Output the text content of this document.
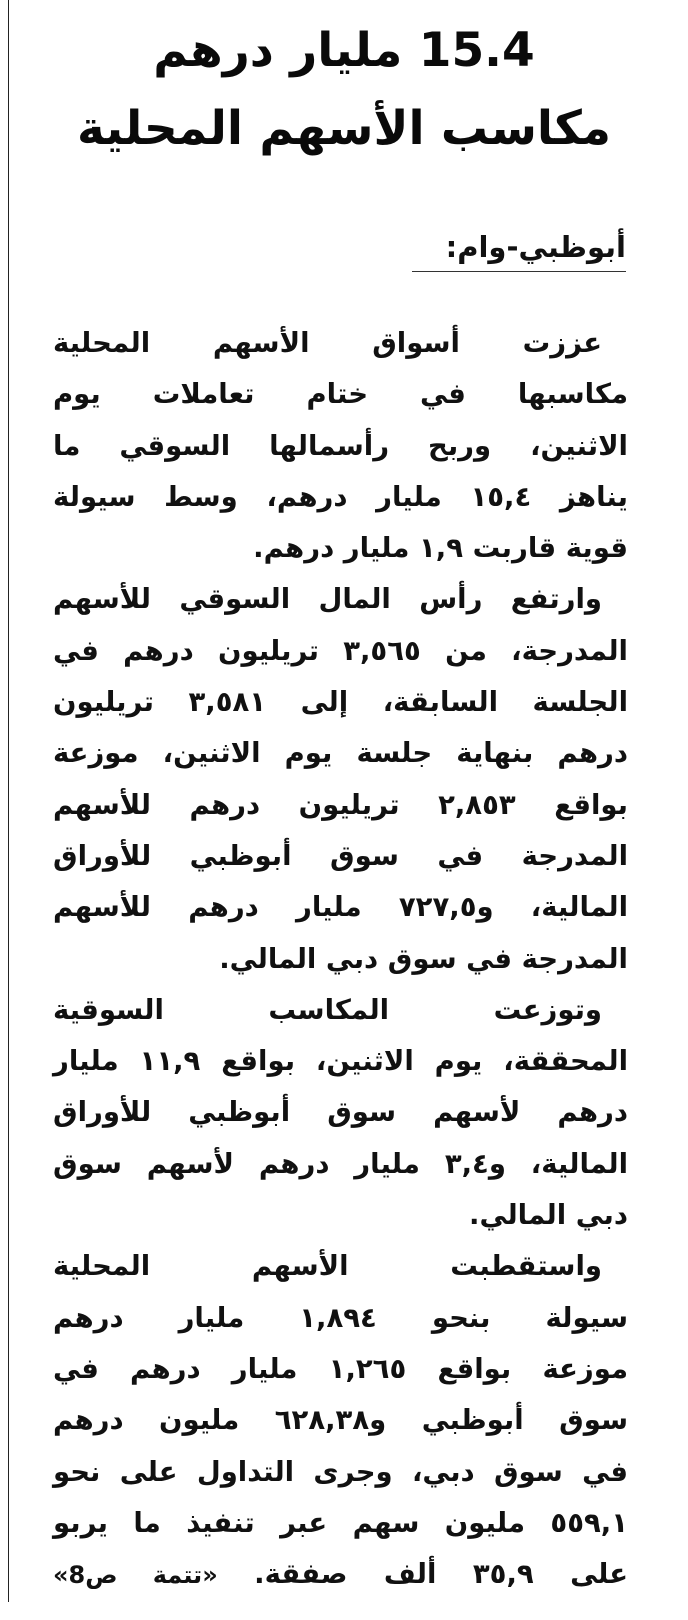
15.4 مليار درهم
مكاسب الأسهم المحلية
أبوظبي-وام:
عززت أسواق الأسهم المحلية
مكاسبها في ختام تعاملات يوم
الاثنين، وربح رأسمالها السوقي ما
يناهز ١٥,٤ مليار درهم، وسط سيولة
قوية قاربت ١,٩ مليار درهم.
وارتفع رأس المال السوقي للأسهم
المدرجة، من ٣,٥٦٥ تريليون درهم في
الجلسة السابقة، إلى ٣,٥٨١ تريليون
درهم بنهاية جلسة يوم الاثنين، موزعة
بواقع ٢,٨٥٣ تريليون درهم للأسهم
المدرجة في سوق أبوظبي للأوراق
المالية، و٧٢٧,٥ مليار درهم للأسهم
المدرجة في سوق دبي المالي.
وتوزعت المكاسب السوقية
المحققة، يوم الاثنين، بواقع ١١,٩ مليار
درهم لأسهم سوق أبوظبي للأوراق
المالية، و٣,٤ مليار درهم لأسهم سوق
دبي المالي.
واستقطبت الأسهم المحلية
سيولة بنحو ١,٨٩٤ مليار درهم
موزعة بواقع ١,٢٦٥ مليار درهم في
سوق أبوظبي و٦٢٨,٣٨ مليون درهم
في سوق دبي، وجرى التداول على نحو
٥٥٩,١ مليون سهم عبر تنفيذ ما يربو
على ٣٥,٩ ألف صفقة. «تتمة ص8»
